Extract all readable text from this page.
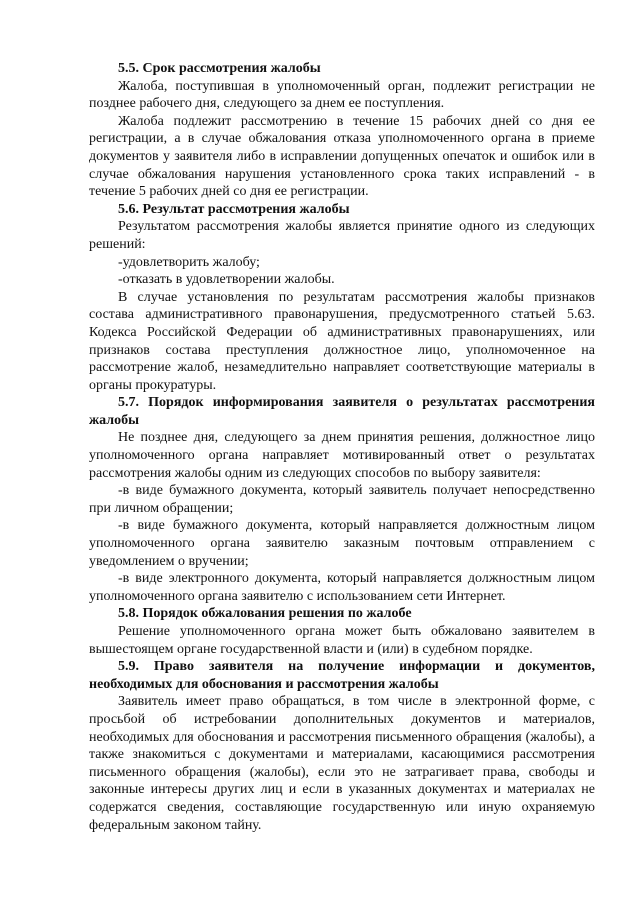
5.5. Срок рассмотрения жалобы

Жалоба, поступившая в уполномоченный орган, подлежит регистрации не позднее рабочего дня, следующего за днем ее поступления.

Жалоба подлежит рассмотрению в течение 15 рабочих дней со дня ее регистрации, а в случае обжалования отказа уполномоченного органа в приеме документов у заявителя либо в исправлении допущенных опечаток и ошибок или в случае обжалования нарушения установленного срока таких исправлений - в течение 5 рабочих дней со дня ее регистрации.

5.6. Результат рассмотрения жалобы

Результатом рассмотрения жалобы является принятие одного из следующих решений:

-удовлетворить жалобу;

-отказать в удовлетворении жалобы.

В случае установления по результатам рассмотрения жалобы признаков состава административного правонарушения, предусмотренного статьей 5.63. Кодекса Российской Федерации об административных правонарушениях, или признаков состава преступления должностное лицо, уполномоченное на рассмотрение жалоб, незамедлительно направляет соответствующие материалы в органы прокуратуры.

5.7. Порядок информирования заявителя о результатах рассмотрения жалобы

Не позднее дня, следующего за днем принятия решения, должностное лицо уполномоченного органа направляет мотивированный ответ о результатах рассмотрения жалобы одним из следующих способов по выбору заявителя:

-в виде бумажного документа, который заявитель получает непосредственно при личном обращении;

-в виде бумажного документа, который направляется должностным лицом уполномоченного органа заявителю заказным почтовым отправлением с уведомлением о вручении;

-в виде электронного документа, который направляется должностным лицом уполномоченного органа заявителю с использованием сети Интернет.

5.8. Порядок обжалования решения по жалобе

Решение уполномоченного органа может быть обжаловано заявителем в вышестоящем органе государственной власти и (или) в судебном порядке.

5.9. Право заявителя на получение информации и документов, необходимых для обоснования и рассмотрения жалобы

Заявитель имеет право обращаться, в том числе в электронной форме, с просьбой об истребовании дополнительных документов и материалов, необходимых для обоснования и рассмотрения письменного обращения (жалобы), а также знакомиться с документами и материалами, касающимися рассмотрения письменного обращения (жалобы), если это не затрагивает права, свободы и законные интересы других лиц и если в указанных документах и материалах не содержатся сведения, составляющие государственную или иную охраняемую федеральным законом тайну.
